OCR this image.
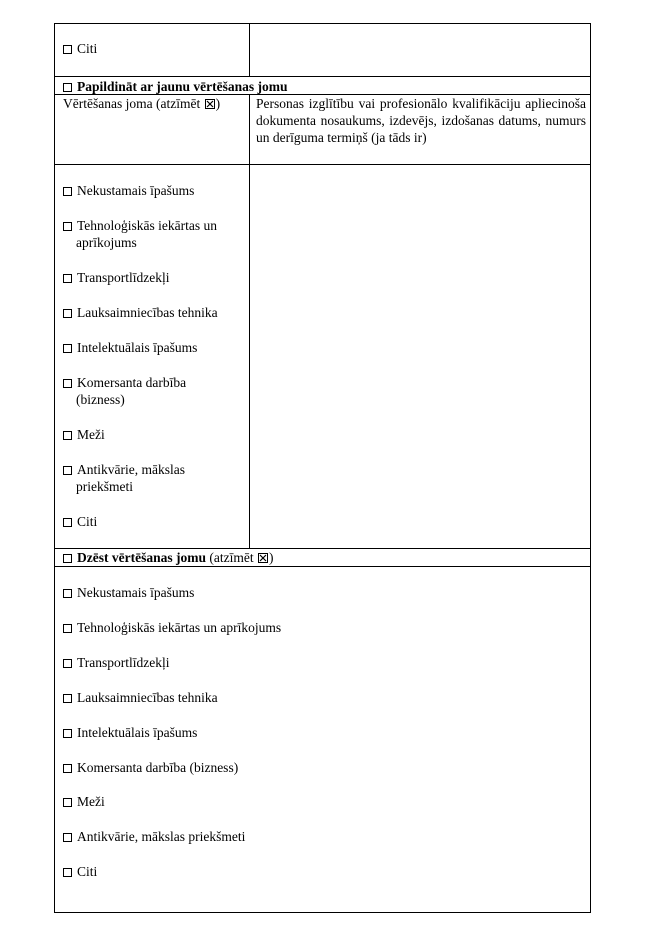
Citi
Papildināt ar jaunu vērtēšanas jomu
Vērtēšanas joma (atzīmēt )	Personas izglītību vai profesionālo kvalifikāciju apliecinoša dokumenta nosaukums, izdevējs, izdošanas datums, numurs un derīguma termiņš (ja tāds ir)
Nekustamais īpašums
Tehnoloģiskās iekārtas un aprīkojums
Transportlīdzekļi
Lauksaimniecības tehnika
Intelektuālais īpašums
Komersanta darbība (bizness)
Meži
Antikvārie, mākslas priekšmeti
Citi
Dzēst vērtēšanas jomu (atzīmēt )
Nekustamais īpašums
Tehnoloģiskās iekārtas un aprīkojums
Transportlīdzekļi
Lauksaimniecības tehnika
Intelektuālais īpašums
Komersanta darbība (bizness)
Meži
Antikvārie, mākslas priekšmeti
Citi
